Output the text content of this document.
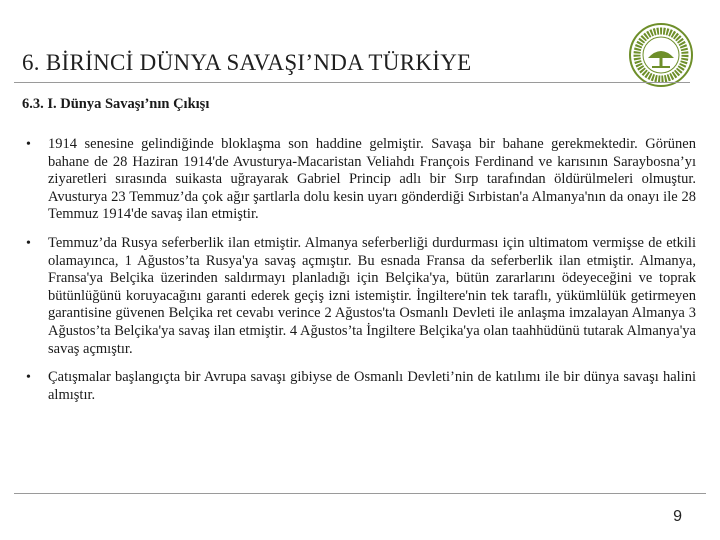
6. BİRİNCİ DÜNYA SAVAŞI’NDA TÜRKİYE
6.3. I. Dünya Savaşı’nın Çıkışı
• 1914 senesine gelindiğinde bloklaşma son haddine gelmiştir. Savaşa bir bahane gerekmektedir. Görünen bahane de 28 Haziran 1914'de Avusturya-Macaristan Veliahdı François Ferdinand ve karısının Saraybosna’yı ziyaretleri sırasında suikasta uğrayarak Gabriel Princip adlı bir Sırp tarafından öldürülmeleri olmuştur. Avusturya 23 Temmuz’da çok ağır şartlarla dolu kesin uyarı gönderdiği Sırbistan'a Almanya'nın da onayı ile 28 Temmuz 1914'de savaş ilan etmiştir.
• Temmuz’da Rusya seferberlik ilan etmiştir. Almanya seferberliği durdurması için ultimatom vermişse de etkili olamayınca, 1 Ağustos’ta Rusya'ya savaş açmıştır. Bu esnada Fransa da seferberlik ilan etmiştir. Almanya, Fransa'ya Belçika üzerinden saldırmayı planladığı için Belçika'ya, bütün zararlarını ödeyeceğini ve toprak bütünlüğünü koruyacağını garanti ederek geçiş izni istemiştir. İngiltere'nin tek taraflı, yükümlülük getirmeyen garantisine güvenen Belçika ret cevabı verince 2 Ağustos'ta Osmanlı Devleti ile anlaşma imzalayan Almanya 3 Ağustos’ta Belçika'ya savaş ilan etmiştir. 4 Ağustos’ta İngiltere Belçika'ya olan taahhüdünü tutarak Almanya'ya savaş açmıştır.
• Çatışmalar başlangıçta bir Avrupa savaşı gibiyse de Osmanlı Devleti’nin de katılımı ile bir dünya savaşı halini almıştır.
9
